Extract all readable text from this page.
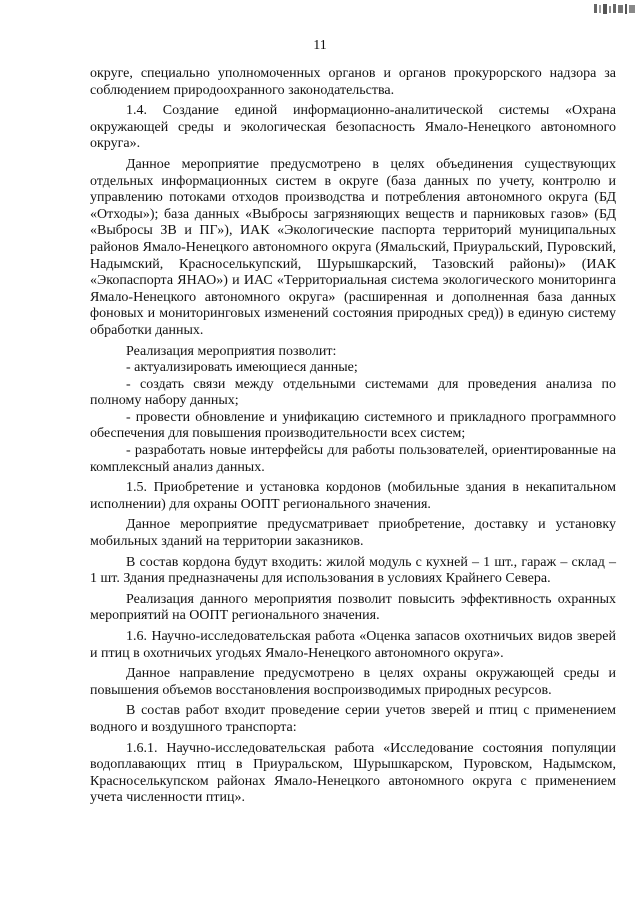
11

округе, специально уполномоченных органов и органов прокурорского надзора за соблюдением природоохранного законодательства.

1.4. Создание единой информационно-аналитической системы «Охрана окружающей среды и экологическая безопасность Ямало-Ненецкого автономного округа».

Данное мероприятие предусмотрено в целях объединения существующих отдельных информационных систем в округе (база данных по учету, контролю и управлению потоками отходов производства и потребления автономного округа (БД «Отходы»); база данных «Выбросы загрязняющих веществ и парниковых газов» (БД «Выбросы ЗВ и ПГ»), ИАК «Экологические паспорта территорий муниципальных районов Ямало-Ненецкого автономного округа (Ямальский, Приуральский, Пуровский, Надымский, Красноселькупский, Шурышкарский, Тазовский районы)» (ИАК «Экопаспорта ЯНАО») и ИАС «Территориальная система экологического мониторинга Ямало-Ненецкого автономного округа» (расширенная и дополненная база данных фоновых и мониторинговых изменений состояния природных сред)) в единую систему обработки данных.

Реализация мероприятия позволит:

- актуализировать имеющиеся данные;

- создать связи между отдельными системами для проведения анализа по полному набору данных;

- провести обновление и унификацию системного и прикладного программного обеспечения для повышения производительности всех систем;

- разработать новые интерфейсы для работы пользователей, ориентированные на комплексный анализ данных.

1.5. Приобретение и установка кордонов (мобильные здания в некапитальном исполнении) для охраны ООПТ регионального значения.

Данное мероприятие предусматривает приобретение, доставку и установку мобильных зданий на территории заказников.

В состав кордона будут входить: жилой модуль с кухней – 1 шт., гараж – склад – 1 шт. Здания предназначены для использования в условиях Крайнего Севера.

Реализация данного мероприятия позволит повысить эффективность охранных мероприятий на ООПТ регионального значения.

1.6. Научно-исследовательская работа «Оценка запасов охотничьих видов зверей и птиц в охотничьих угодьях Ямало-Ненецкого автономного округа».

Данное направление предусмотрено в целях охраны окружающей среды и повышения объемов восстановления воспроизводимых природных ресурсов.

В состав работ входит проведение серии учетов зверей и птиц с применением водного и воздушного транспорта:

1.6.1. Научно-исследовательская работа «Исследование состояния популяции водоплавающих птиц в Приуральском, Шурышкарском, Пуровском, Надымском, Красноселькупском районах Ямало-Ненецкого автономного округа с применением учета численности птиц».
